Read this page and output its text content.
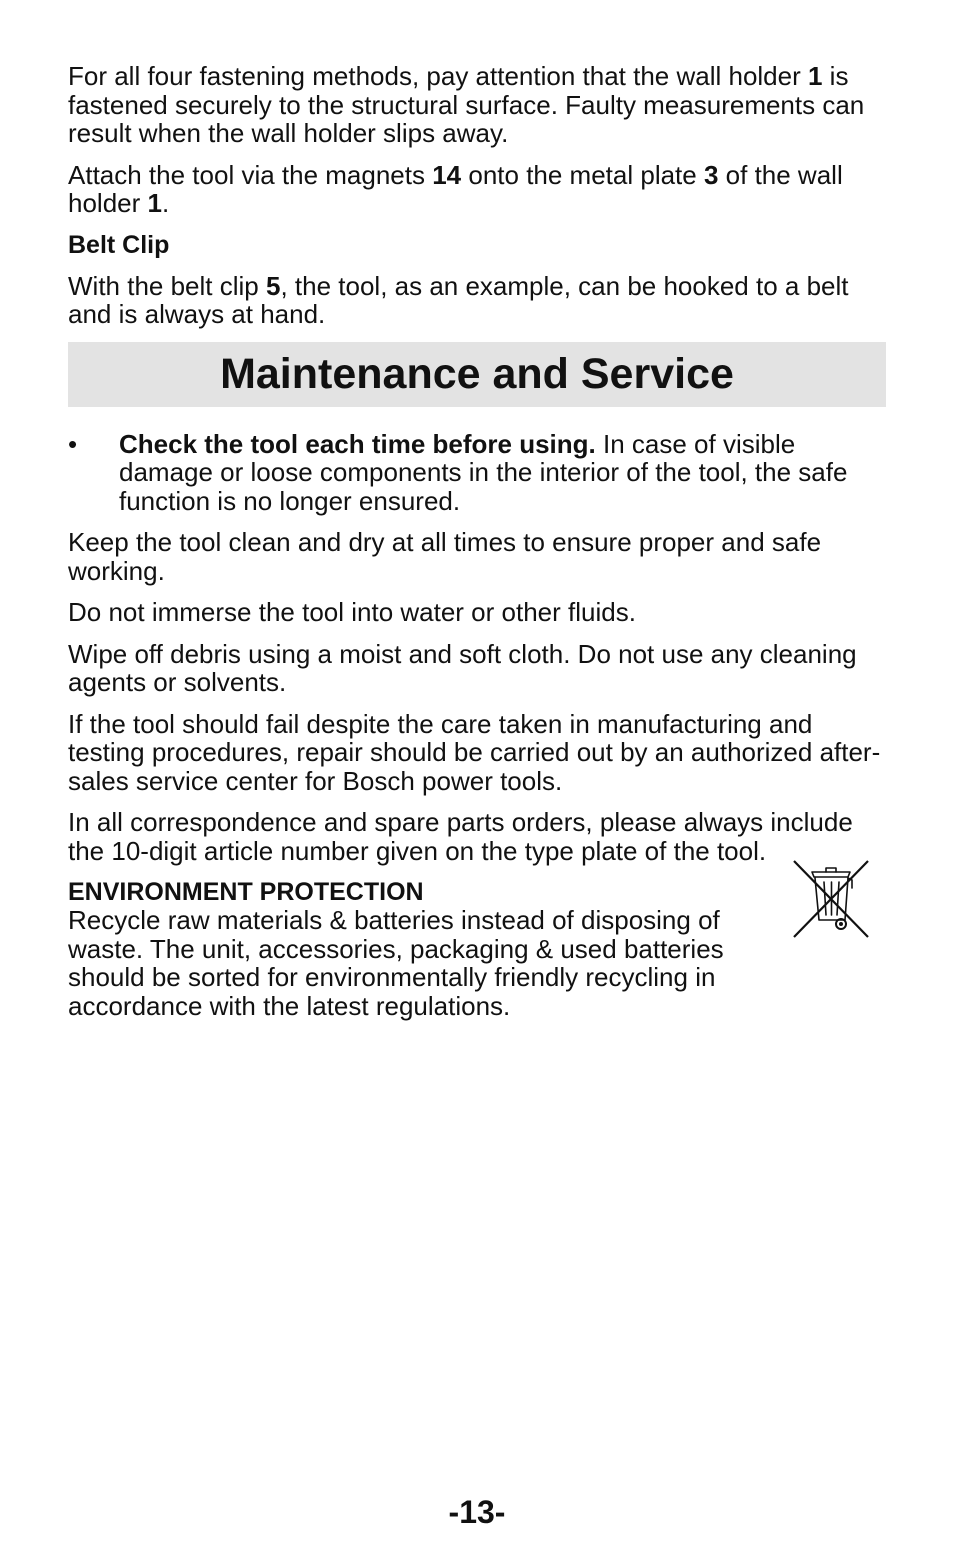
For all four fastening methods, pay attention that the wall holder 1 is fastened securely to the structural surface. Faulty measurements can result when the wall holder slips away.

Attach the tool via the magnets 14 onto the metal plate 3 of the wall holder 1.

Belt Clip

With the belt clip 5, the tool, as an example, can be hooked to a belt and is always at hand.

Maintenance and Service
•	Check the tool each time before using. In case of visible damage or loose components in the interior of the tool, the safe function is no longer ensured.

Keep the tool clean and dry at all times to ensure proper and safe working.

Do not immerse the tool into water or other fluids.

Wipe off debris using a moist and soft cloth. Do not use any cleaning agents or solvents.

If the tool should fail despite the care taken in manufacturing and testing procedures, repair should be carried out by an authorized after- sales service center for Bosch power tools.

In all correspondence and spare parts orders, please always include the 10-digit article number given on the type plate of the tool.

ENVIRONMENT PROTECTION
Recycle raw materials & batteries instead of disposing of waste. The unit, accessories, packaging & used batteries should be sorted for environmentally friendly recycling in accordance with the latest regulations.
-13-
